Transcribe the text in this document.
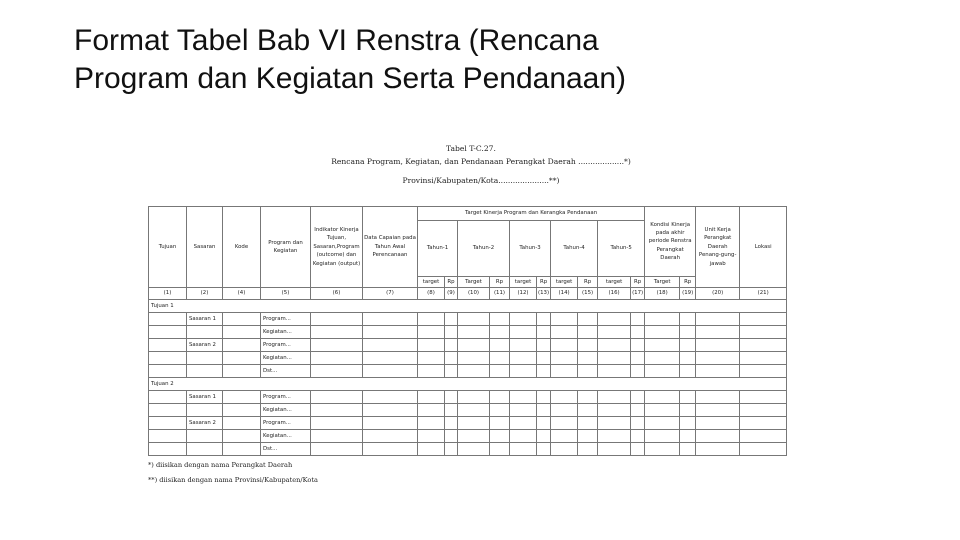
Format Tabel Bab VI Renstra (Rencana
Program dan Kegiatan Serta Pendanaan)
Tabel T-C.27.
Rencana Program, Kegiatan, dan Pendanaan Perangkat Daerah ...................*)
Provinsi/Kabupaten/Kota.....................**)
Tujuan	Sasaran	Kode	Program dan Kegiatan	Indikator Kinerja Tujuan, Sasaran,Program (outcome) dan Kegiatan (output)	Data Capaian pada Tahun Awal Perencanaan	Target Kinerja Program dan Kerangka Pendanaan										Kondisi Kinerja pada akhir periode Renstra Perangkat Daerah		Unit Kerja Perangkat Daerah Penang-gung-jawab	Lokasi
						Tahun-1		Tahun-2		Tahun-3		Tahun-4		Tahun-5					
						target	Rp	Target	Rp	target	Rp	target	Rp	target	Rp	Target	Rp		
(1)	(2)	(4)	(5)	(6)	(7)	(8)	(9)	(10)	(11)	(12)	(13)	(14)	(15)	(16)	(17)	(18)	(19)	(20)	(21)
Tujuan 1																			
	Sasaran 1		Program...																
			Kegiatan...																
	Sasaran 2		Program...																
			Kegiatan...																
			Dst...																
Tujuan 2																			
	Sasaran 1		Program...																
			Kegiatan...																
	Sasaran 2		Program...																
			Kegiatan...																
			Dst...																
*) diisikan dengan nama Perangkat Daerah
**) diisikan dengan nama Provinsi/Kabupaten/Kota
